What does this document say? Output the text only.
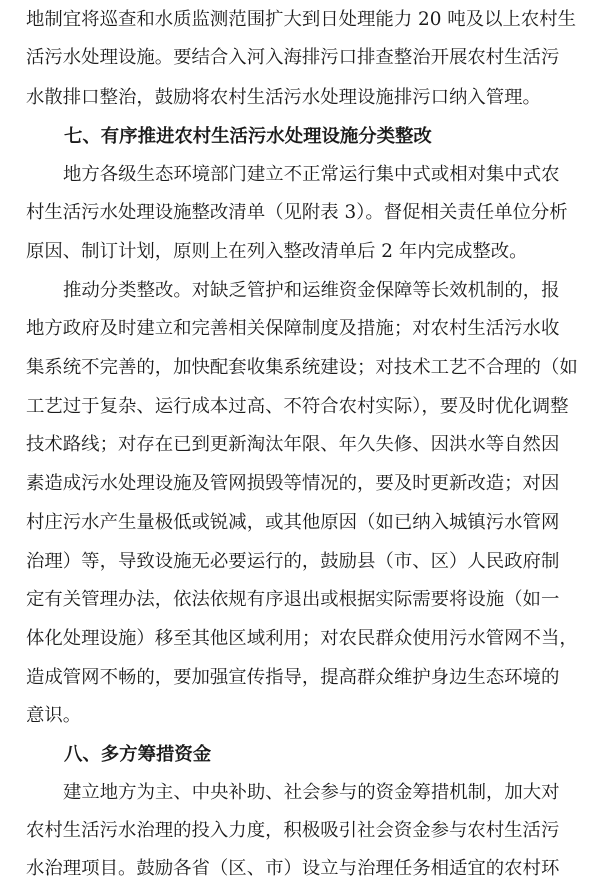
地制宜将巡查和水质监测范围扩大到日处理能力 20 吨及以上农村生
活污水处理设施。要结合入河入海排污口排查整治开展农村生活污
水散排口整治，鼓励将农村生活污水处理设施排污口纳入管理。
七、有序推进农村生活污水处理设施分类整改
地方各级生态环境部门建立不正常运行集中式或相对集中式农
村生活污水处理设施整改清单（见附表 3）。督促相关责任单位分析
原因、制订计划，原则上在列入整改清单后 2 年内完成整改。
推动分类整改。对缺乏管护和运维资金保障等长效机制的，报
地方政府及时建立和完善相关保障制度及措施；对农村生活污水收
集系统不完善的，加快配套收集系统建设；对技术工艺不合理的（如
工艺过于复杂、运行成本过高、不符合农村实际），要及时优化调整
技术路线；对存在已到更新淘汰年限、年久失修、因洪水等自然因
素造成污水处理设施及管网损毁等情况的，要及时更新改造；对因
村庄污水产生量极低或锐减，或其他原因（如已纳入城镇污水管网
治理）等，导致设施无必要运行的，鼓励县（市、区）人民政府制
定有关管理办法，依法依规有序退出或根据实际需要将设施（如一
体化处理设施）移至其他区域利用；对农民群众使用污水管网不当，
造成管网不畅的，要加强宣传指导，提高群众维护身边生态环境的
意识。
八、多方筹措资金
建立地方为主、中央补助、社会参与的资金筹措机制，加大对
农村生活污水治理的投入力度，积极吸引社会资金参与农村生活污
水治理项目。鼓励各省（区、市）设立与治理任务相适宜的农村环
